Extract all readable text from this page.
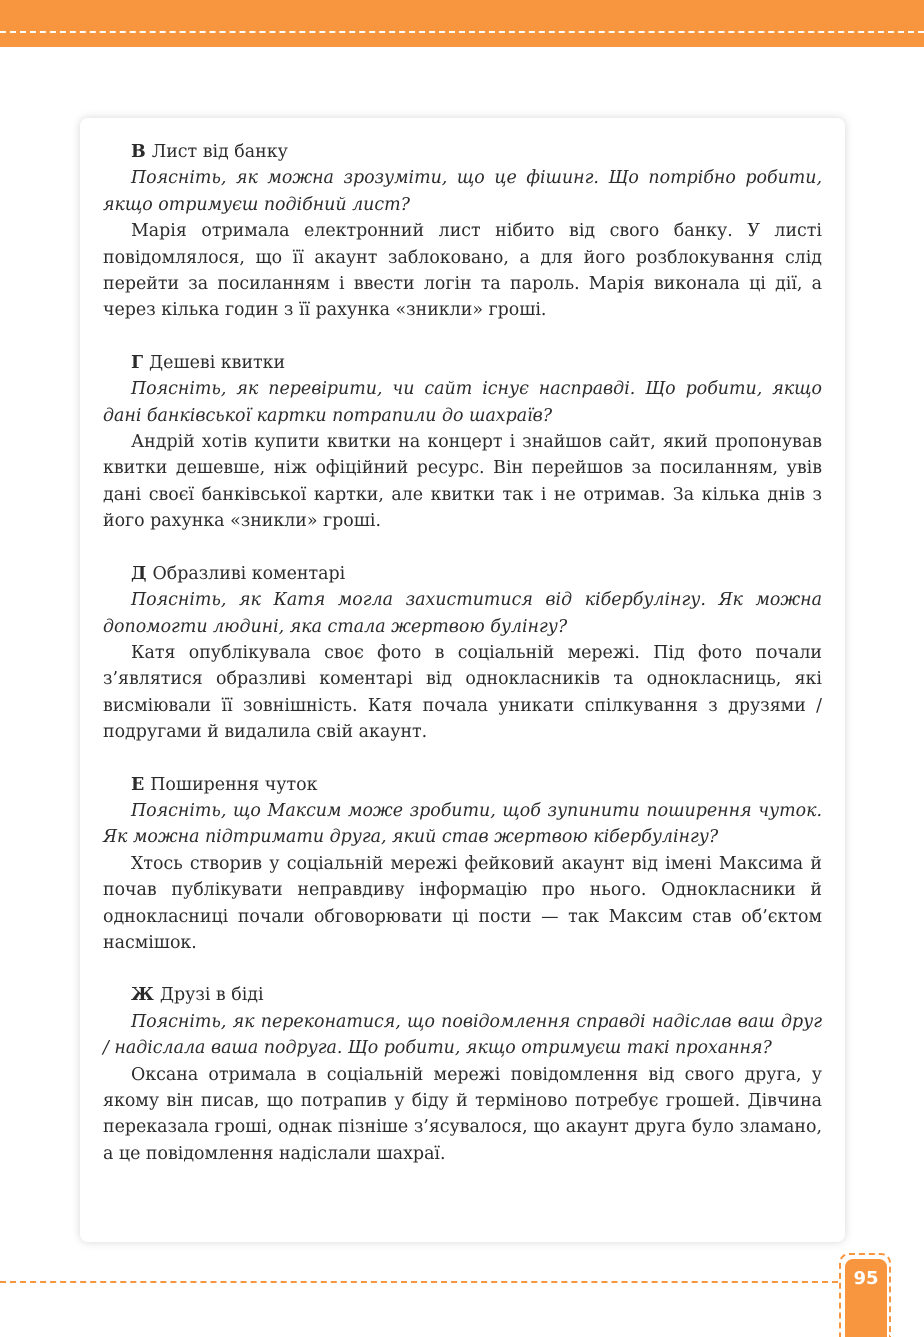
В Лист від банку

Поясніть, як можна зрозуміти, що це фішинг. Що потрібно робити, якщо отримуєш подібний лист?

Марія отримала електронний лист нібито від свого банку. У листі повідомлялося, що її акаунт заблоковано, а для його розблокування слід перейти за посиланням і ввести логін та пароль. Марія виконала ці дії, а через кілька годин з її рахунка «зникли» гроші.

Г Дешеві квитки

Поясніть, як перевірити, чи сайт існує насправді. Що робити, якщо дані банківської картки потрапили до шахраїв?

Андрій хотів купити квитки на концерт і знайшов сайт, який пропонував квитки дешевше, ніж офіційний ресурс. Він перейшов за посиланням, увів дані своєї банківської картки, але квитки так і не отримав. За кілька днів з його рахунка «зникли» гроші.

Д Образливі коментарі

Поясніть, як Катя могла захиститися від кібербулінгу. Як можна допомогти людині, яка стала жертвою булінгу?

Катя опублікувала своє фото в соціальній мережі. Під фото почали з’являтися образливі коментарі від однокласників та однокласниць, які висміювали її зовнішність. Катя почала уникати спілкування з друзями / подругами й видалила свій акаунт.

Е Поширення чуток

Поясніть, що Максим може зробити, щоб зупинити поширення чуток. Як можна підтримати друга, який став жертвою кібербулінгу?

Хтось створив у соціальній мережі фейковий акаунт від імені Максима й почав публікувати неправдиву інформацію про нього. Однокласники й однокласниці почали обговорювати ці пости — так Максим став об’єктом насмішок.

Ж Друзі в біді

Поясніть, як переконатися, що повідомлення справді надіслав ваш друг / надіслала ваша подруга. Що робити, якщо отримуєш такі прохання?

Оксана отримала в соціальній мережі повідомлення від свого друга, у якому він писав, що потрапив у біду й терміново потребує грошей. Дівчина переказала гроші, однак пізніше з’ясувалося, що акаунт друга було зламано, а це повідомлення надіслали шахраї.

95
